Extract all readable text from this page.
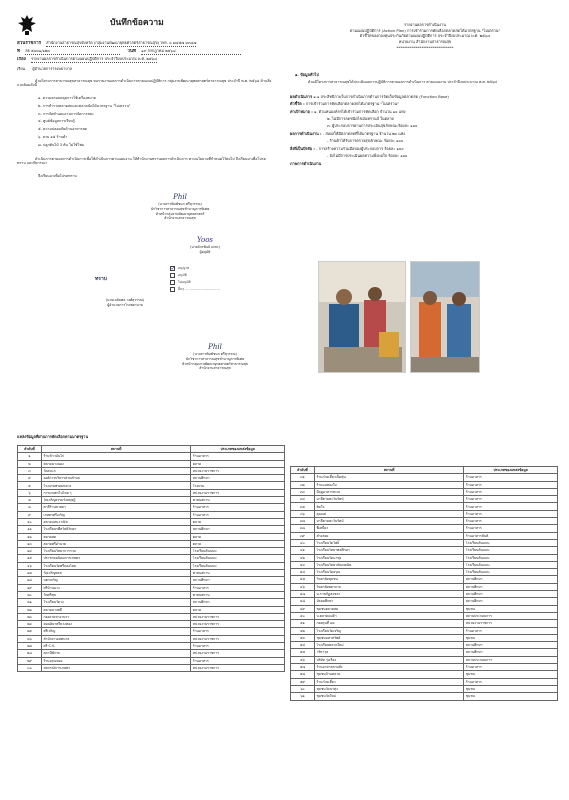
บันทึกข้อความ
ส่วนราชการ สำนักงานสาธารณสุขจังหวัด (กลุ่มงานพัฒนายุทธศาสตร์สาธารณสุข) โทร. ๐ ๗๔๕๗ ๓๓๔๗
ที่ สธ ๕๐๓๑/๑๒๓	วันที่ ๑๙ กรกฎาคม ๒๕๖๔
เรื่อง รายงานผลการดำเนินการตามแผนปฏิบัติการ ประจำปีงบประมาณ พ.ศ. ๒๕๖๔
เรียน ผู้อำนวยการโรงพยาบาล
ด้วยโครงการสาธารณสุขสาธารณสุข ขอรายงานผลการดำเนินการตามแผนปฏิบัติการ กลุ่มงานพัฒนายุทธศาสตร์สาธารณสุข ประจำปี พ.ศ. ๒๕๖๔ ด้านสิ่งแวดล้อมดังนี้
๑. ความครอบคลุมการใช้เครื่องหมาย
๒. การสำรวจตลาดสดและตลาดนัดได้มาตรฐาน "ไม่เตรวน"
๓. การจัดทำแผนงานการจัดการขยะ
๔. ศูนย์ข้อมูลการเรียนรู้
๕. ความปลอดภัยด้านอาหารสด
๖. สวน ๑๕ ร้านค้า
๗. ปลูกต้นไม้ 3 ต้น ไม่ใช้โฟม
ดำเนินการตามผลการดำเนินการเพื่อให้ดำเนินการตามแผนงาน ให้สำนักงานทราบผลการดำเนินการ ตามนโยบายที่กำหนดไว้ต่อไป จึงเรียนมาเพื่อโปรดทราบ และพิจารณา
จึงเรียนมาเพื่อโปรดทราบ
Phil
(นางสาวพิมพ์ชนก ศรีสุวรรณ)
นักวิชาการสาธารณสุขชำนาญการพิเศษ
หัวหน้ากลุ่มงานพัฒนายุทธศาสตร์
สำนักงานสาธารณสุข
Yoos
(นายจักรพันธ์ เดชะ)
ผู้อนุมัติ
ทราบ
✓
อนุญาต
อนุมัติ
ไม่อนุมัติ
อื่นๆ ................................
(นายเฉลิมพล วงศ์สุวรรณ)
ผู้อำนวยการโรงพยาบาล
Phil
(นางสาวพิมพ์ชนก ศรีสุวรรณ)
นักวิชาการสาธารณสุขชำนาญการพิเศษ
หัวหน้ากลุ่มงานพัฒนายุทธศาสตร์สาธารณสุข
สำนักงานสาธารณสุข
รายงานผลการดำเนินงาน
ตามแผนปฏิบัติการ (Action Plan) การเข้าร่วมการคัดเลือกตลาดสดได้มาตรฐาน "ไม่เตรวน"
ตัวชี้วัดของกองทุนประกันภัยตามแผนปฏิบัติการ ประจำปีงบประมาณ พ.ศ. ๒๕๖๔
หน่วยงาน สำนักงานสาธารณสุข
******************************
๑. ข้อมูลทั่วไป
ด้วยมีโครงการสาธารณสุขได้ประเมินผลการปฏิบัติการตามผลการดำเนินการ ตามแผนงาน ประจำปีงบประมาณ พ.ศ. ๒๕๖๔
ผลดำเนินการ ๑.๑ ประสิทธิภาพในการดำเนินการด้านการจัดเก็บข้อมูลตลาดสด (Function Base)
ตัวชี้วัด : การเข้าร่วมการคัดเลือกตลาดสดได้มาตรฐาน "ไม่เตรวน"
ค่าเป้าหมาย : ๑. ตัวแทนองค์กรได้เข้าร่วมการคัดเลือก จำนวน ๑๐ แห่ง
๒. ไม่มีการลดชนิดไขมันทรานส์ ในตลาด
๓. ผู้ประกอบการผ่านการประเมินสุขลักษณะร้อยละ ๑๐๐
ผลการดำเนินงาน : - ส่งผลให้มีตลาดสดที่ได้มาตรฐาน จำนวน ๒๓ แห่ง
- ร้านค้าได้รับการตรวจสุขลักษณะ ร้อยละ ๑๐๐
สิ่งที่เป็นปัจจัย : - การสร้างความร่วมมือของผู้ประกอบการ ร้อยละ ๑๐๐
- ยังไม่มีการประเมินผลความพึงพอใจ ร้อยละ ๑๐๐
ภาพการดำเนินงาน
แหล่งข้อมูลที่ผ่านการคัดเลือกตามมาตรฐาน
ลำดับที่	สถานที่	ประเภทของแหล่งข้อมูล
๑	ร้านข้าวมันไก่	ร้านอาหาร
๒	ตลาดนางนอง	ตลาด
๓	วัดสะแก	หน่วยงานราชการ
๔	องค์การบริหารส่วนตำบล	สถานศึกษา
๕	โรงแรมพรอมหลวง	โรงแรม
๖	การเกษตรในไทย ๆ	หน่วยงานราชการ
๗	วัดเจริญธรรมรังสฤษฎ์	ศาสนสถาน
๘	ตาลีร้านขายยา	ร้านอาหาร
๙	เกษตรศรีเจริญ	ร้านอาหาร
๑๐	ตลาดแสนวาณิช	ตลาด
๑๑	โรงเรียนรพีสวัสดิวิทยา	สถานศึกษา
๑๒	ตลาดสด	ตลาด
๑๓	ตลาดศรีอำนวย	ตลาด
๑๔	โรงเรียนวิทยาการรวม	โรงเรียนต้นแบบ
๑๕	ประชาคมนิคมการเกษตร	โรงเรียนต้นแบบ
๑๖	โรงเรียนวัดศรีทองไทย	โรงเรียนต้นแบบ
๑๗	วัดเจริญพรต	ศาสนสถาน
๑๘	นครเจริญ	สถานศึกษา
๑๙	ศรีบ้านฉาง	ร้านอาหาร
๒๐	วัดศรีสุข	ศาสนสถาน
๒๑	โรงเรียนวัดวง	สถานศึกษา
๒๒	ตลาดบางพลี	ตลาด
๒๓	กองลาดหางวนรา	หน่วยงานราชการ
๒๔	คอนดิยาตรีดวงทอง	หน่วยงานราชการ
๒๕	ศรีเจริญ	ร้านอาหาร
๒๖	สำนักงานเทศบาล	หน่วยงานราชการ
๒๗	ศรี C.V.	ร้านอาหาร
๒๘	สถานีพักรถ	หน่วยงานราชการ
๒๙	ร้านอรุณทอง	ร้านอาหาร
๓๐	สหกรณ์การเกษตร	หน่วยงานราชการ
ลำดับที่	สถานที่	ประเภทของแหล่งข้อมูล
๓๑	ร้านก๋วยเตี๋ยวเป็ดตุ๋น	ร้านอาหาร
๓๒	ร้านแม่ทองใบ	ร้านอาหาร
๓๓	มีฤดูอาหารทะเล	ร้านอาหาร
๓๔	มาลีตามตะวันรัตน์	ร้านอาหาร
๓๕	ติดใจ	ร้านอาหาร
๓๖	คุณแม่	ร้านอาหาร
๓๗	มาลีตามตะวันรัตน์	ร้านอาหาร
๓๘	พี่เหนี่ยว	ร้านอาหาร
๓๙	ตำอร่อย	ร้านอาหารสันติ
๔๐	โรงเรียนวัดโพธิ์	โรงเรียนต้นแบบ
๔๑	โรงเรียนวิทยาพลศึกษา	โรงเรียนต้นแบบ
๔๒	โรงเรียนวัดนาทุ่ง	โรงเรียนต้นแบบ
๔๓	โรงเรียนวิทยาลัยเทคนิค	โรงเรียนต้นแบบ
๔๔	โรงเรียนวัดอรุณ	โรงเรียนต้นแบบ
๔๕	วิทยาลัยชุมชน	สถานศึกษา
๔๖	วิทยาลัยพยาบาล	สถานศึกษา
๔๗	ม.ราชภัฏสงขลา	สถานศึกษา
๔๘	มัธยมศึกษา	สถานศึกษา
๔๙	ชุมชนตลาดสด	ชุมชน
๕๐	บ.ตลาดแม่ค้า	สถานประกอบการ
๕๑	กองทุนที่ ๑๒	หน่วยงานราชการ
๕๒	โรงเรียนวัดเจริญ	ร้านอาหาร
๕๓	ชุมชนมหาทรัพย์	ชุมชน
๕๔	โรงเรียนตลาดใหม่	สถานศึกษา
๕๕	วชิราวุธ	สถานศึกษา
๕๖	บริษัท รุ่งเรือง	สถานประกอบการ
๕๗	ร้านอาหารตามสั่ง	ร้านอาหาร
๕๘	ชุมชนบ้านตลาด	ชุมชน
๕๙	ร้านก๋วยเตี๋ยว	ร้านอาหาร
๖๐	ชุมชนวัดนาทุ่ง	ชุมชน
๖๑	ชุมชนวัดใหม่	ชุมชน
